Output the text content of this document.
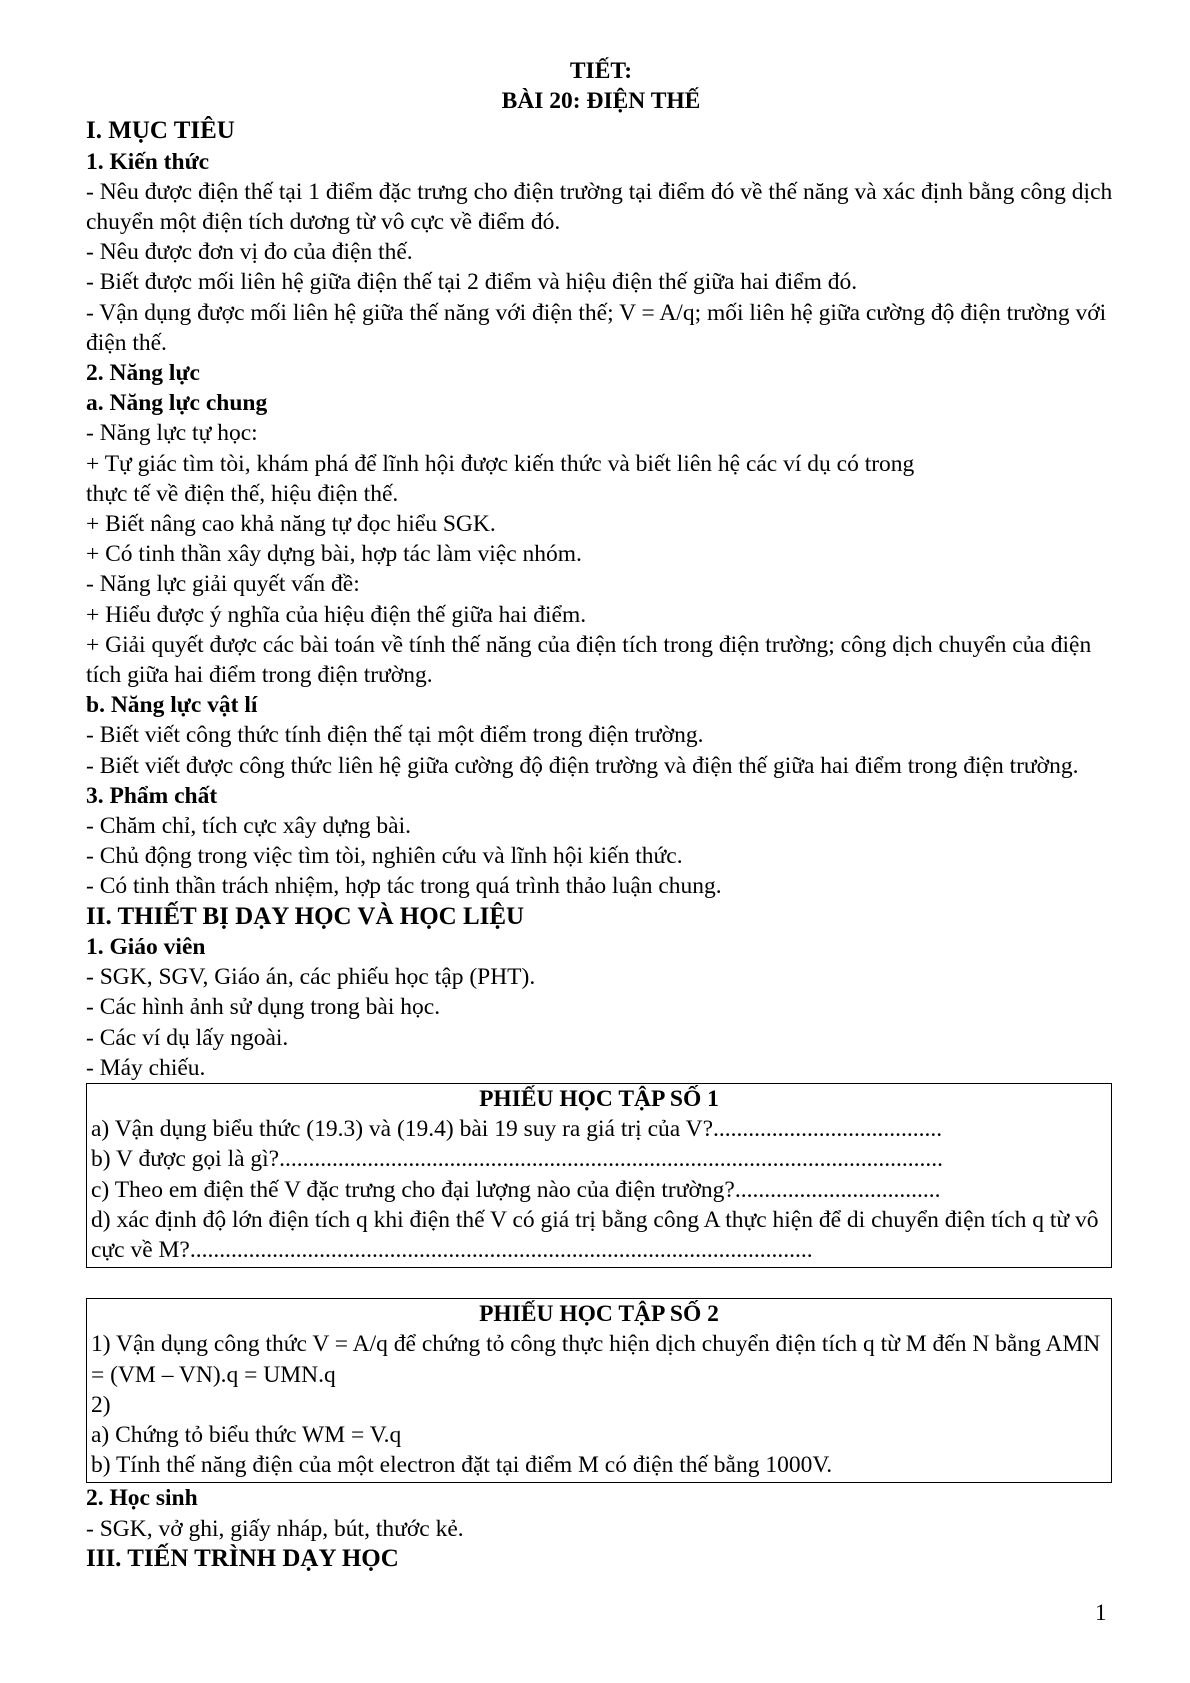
TIẾT:
BÀI 20: ĐIỆN THẾ
I. MỤC TIÊU
1. Kiến thức
- Nêu được điện thế tại 1 điểm đặc trưng cho điện trường tại điểm đó về thế năng và xác định bằng công dịch chuyển một điện tích dương từ vô cực về điểm đó.
- Nêu được đơn vị đo của điện thế.
- Biết được mối liên hệ giữa điện thế tại 2 điểm và hiệu điện thế giữa hai điểm đó.
- Vận dụng được mối liên hệ giữa thế năng với điện thế; V = A/q; mối liên hệ giữa cường độ điện trường với điện thế.
2. Năng lực
a. Năng lực chung
- Năng lực tự học:
+ Tự giác tìm tòi, khám phá để lĩnh hội được kiến thức và biết liên hệ các ví dụ có trong
thực tế về điện thế, hiệu điện thế.
+ Biết nâng cao khả năng tự đọc hiểu SGK.
+ Có tinh thần xây dựng bài, hợp tác làm việc nhóm.
- Năng lực giải quyết vấn đề:
+ Hiểu được ý nghĩa của hiệu điện thế giữa hai điểm.
+ Giải quyết được các bài toán về tính thế năng của điện tích trong điện trường; công dịch chuyển của điện tích giữa hai điểm trong điện trường.
b. Năng lực vật lí
- Biết viết công thức tính điện thế tại một điểm trong điện trường.
- Biết viết được công thức liên hệ giữa cường độ điện trường và điện thế giữa hai điểm trong điện trường.
3. Phẩm chất
- Chăm chỉ, tích cực xây dựng bài.
- Chủ động trong việc tìm tòi, nghiên cứu và lĩnh hội kiến thức.
- Có tinh thần trách nhiệm, hợp tác trong quá trình thảo luận chung.
II. THIẾT BỊ DẠY HỌC VÀ HỌC LIỆU
1. Giáo viên
- SGK, SGV, Giáo án, các phiếu học tập (PHT).
- Các hình ảnh sử dụng trong bài học.
- Các ví dụ lấy ngoài.
- Máy chiếu.
PHIẾU HỌC TẬP SỐ 1
a) Vận dụng biểu thức (19.3) và (19.4) bài 19 suy ra giá trị của V?.......................................
b) V được gọi là gì?.................................................................................................................
c) Theo em điện thế V đặc trưng cho đại lượng nào của điện trường?...................................
d) xác định độ lớn điện tích q khi điện thế V có giá trị bằng công A thực hiện để di chuyển điện tích q từ vô cực về M?..........................................................................................................
PHIẾU HỌC TẬP SỐ 2
1) Vận dụng công thức V = A/q để chứng tỏ công thực hiện dịch chuyển điện tích q từ M đến N bằng AMN = (VM – VN).q = UMN.q
2)
a) Chứng tỏ biểu thức WM = V.q
b) Tính thế năng điện của một electron đặt tại điểm M có điện thế bằng 1000V.
2. Học sinh
- SGK, vở ghi, giấy nháp, bút, thước kẻ.
III. TIẾN TRÌNH DẠY HỌC
1
